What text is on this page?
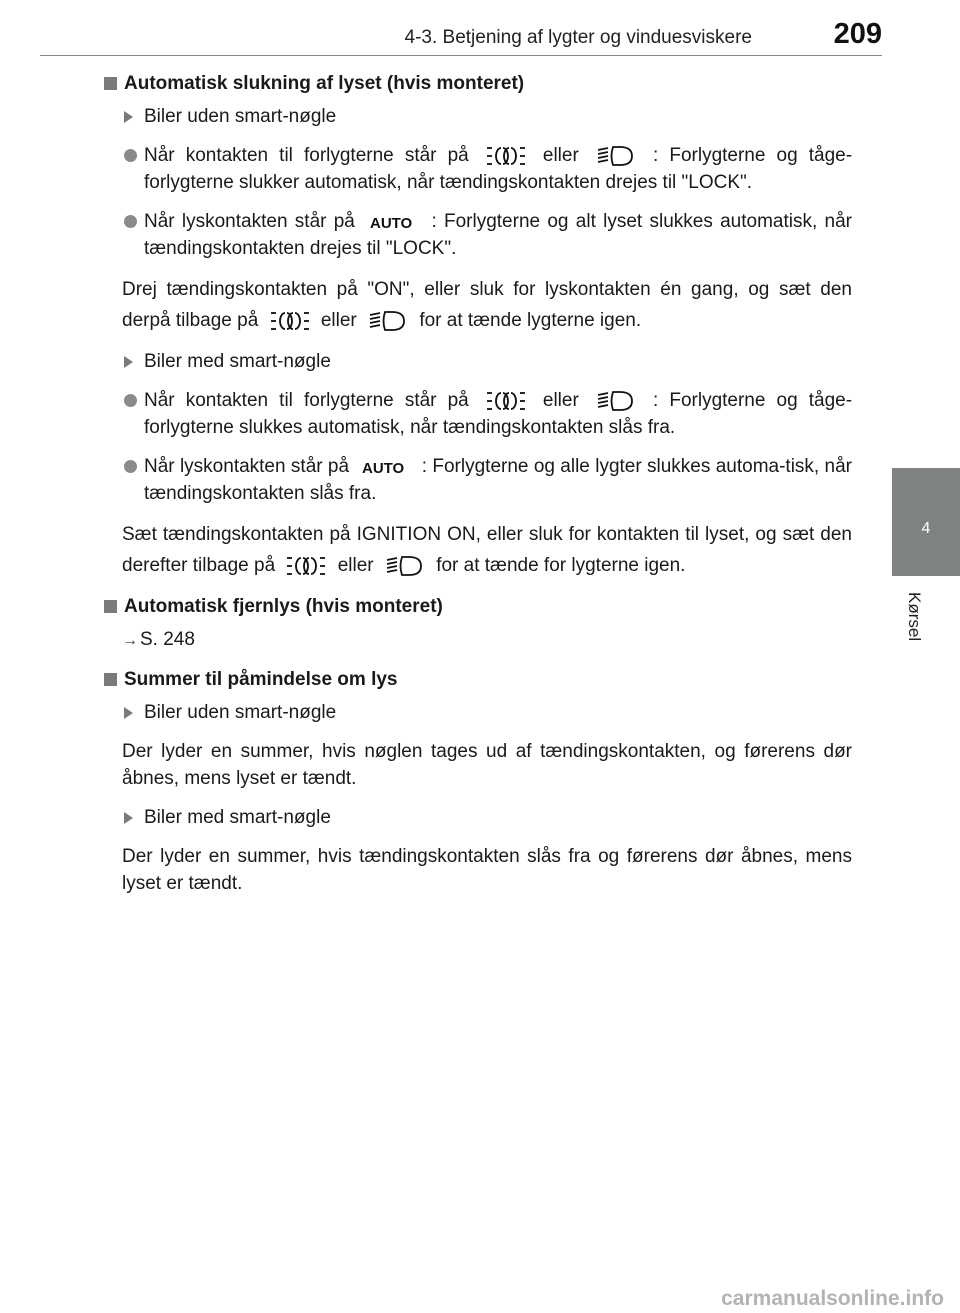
4-3. Betjening af lygter og vinduesviskere	209
4
Kørsel
Automatisk slukning af lyset (hvis monteret)
Biler uden smart-nøgle
Når kontakten til forlygterne står på	eller	: Forlygterne og tåge-forlygterne slukker automatisk, når tændingskontakten drejes til "LOCK".
Når lyskontakten står på AUTO : Forlygterne og alt lyset slukkes automatisk, når tændingskontakten drejes til "LOCK".
Drej tændingskontakten på "ON", eller sluk for lyskontakten én gang, og sæt den derpå tilbage på	eller	for at tænde lygterne igen.
Biler med smart-nøgle
Når kontakten til forlygterne står på	eller	: Forlygterne og tåge-forlygterne slukkes automatisk, når tændingskontakten slås fra.
Når lyskontakten står på AUTO : Forlygterne og alle lygter slukkes automa-tisk, når tændingskontakten slås fra.
Sæt tændingskontakten på IGNITION ON, eller sluk for kontakten til lyset, og sæt den derefter tilbage på	eller	for at tænde for lygterne igen.
Automatisk fjernlys (hvis monteret)
→ S. 248
Summer til påmindelse om lys
Biler uden smart-nøgle
Der lyder en summer, hvis nøglen tages ud af tændingskontakten, og førerens dør åbnes, mens lyset er tændt.
Biler med smart-nøgle
Der lyder en summer, hvis tændingskontakten slås fra og førerens dør åbnes, mens lyset er tændt.
carmanualsonline.info
